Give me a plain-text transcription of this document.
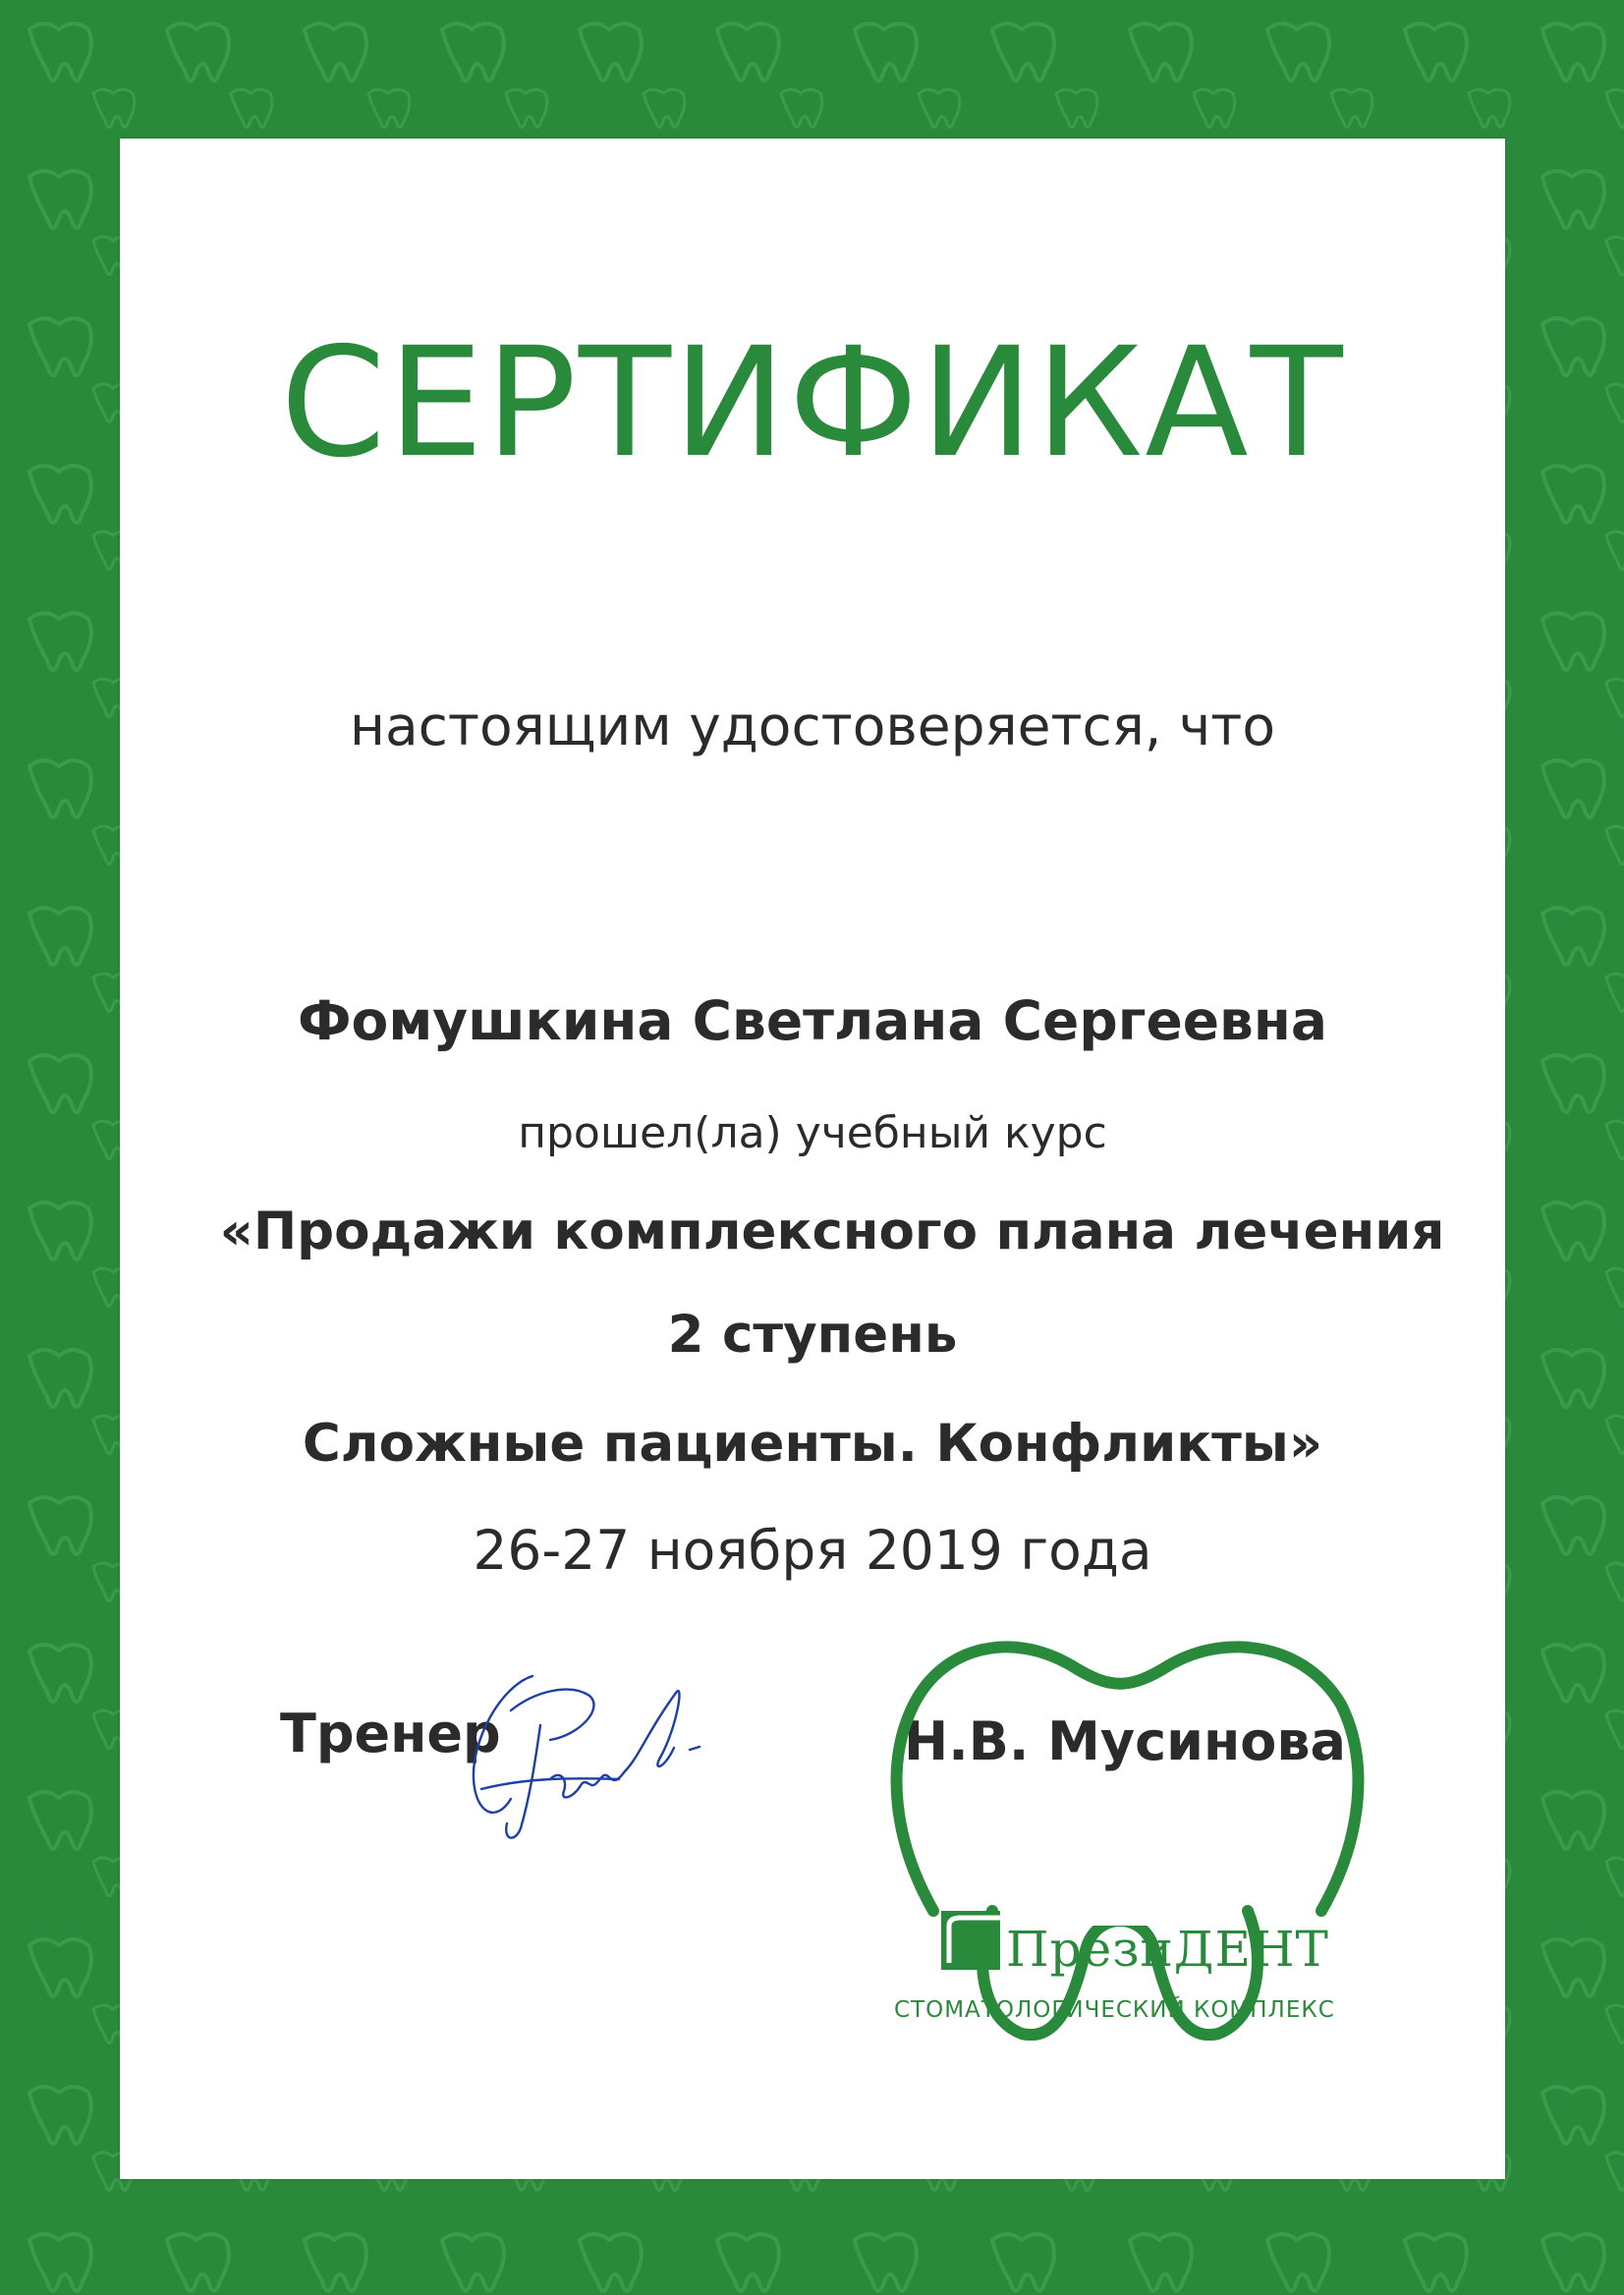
СЕРТИФИКАТ
настоящим удостоверяется, что
Фомушкина Светлана Сергеевна
прошел(ла) учебный курс
«Продажи комплексного плана лечения
2 ступень
Сложные пациенты. Конфликты»
26-27 ноября 2019 года
Тренер	Н.В. Мусинова
ПрезиДЕНТ
СТОМАТОЛОГИЧЕСКИЙ КОМПЛЕКС
